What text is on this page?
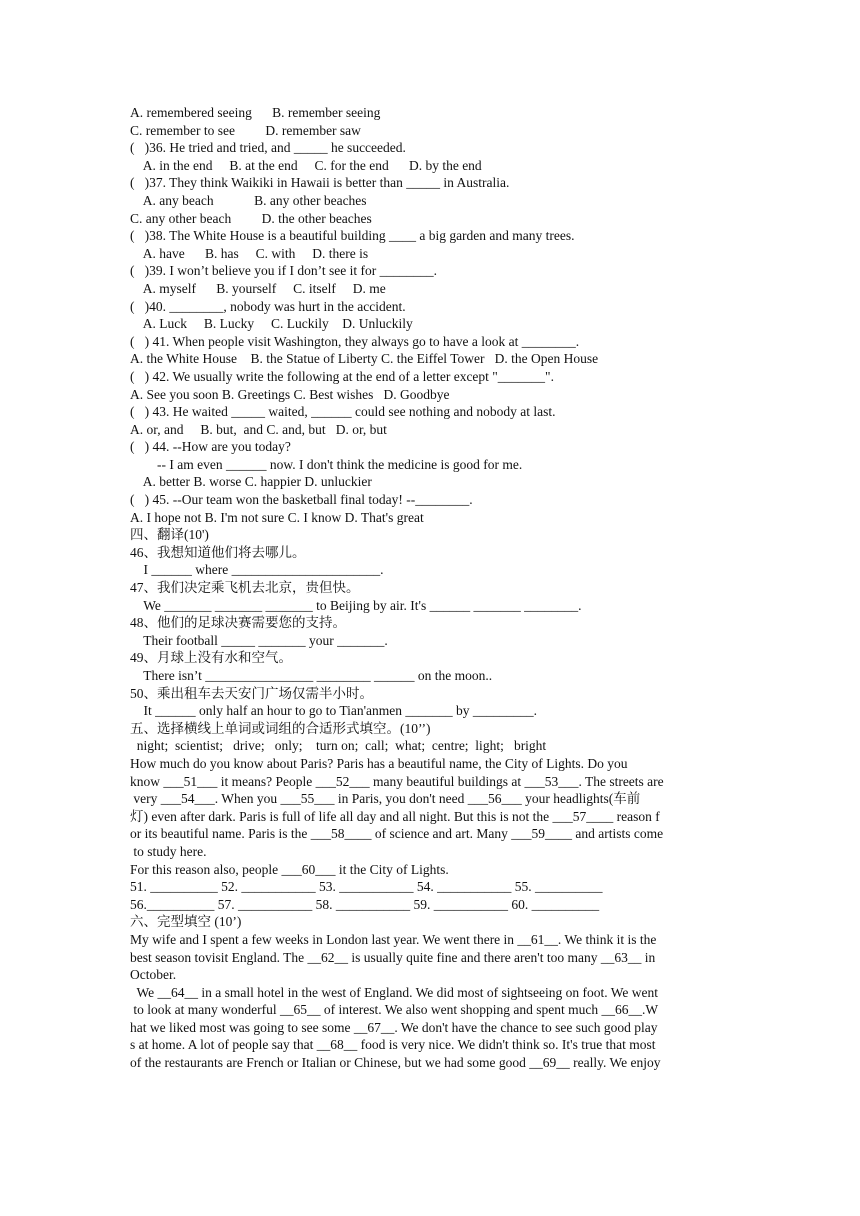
A. remembered seeing      B. remember seeing
C. remember to see         D. remember saw
(   )36. He tried and tried, and _____ he succeeded.
A. in the end     B. at the end     C. for the end      D. by the end
(   )37. They think Waikiki in Hawaii is better than _____ in Australia.
A. any beach            B. any other beaches
C. any other beach         D. the other beaches
(   )38. The White House is a beautiful building ____ a big garden and many trees.
A. have      B. has     C. with     D. there is
(   )39. I won’t believe you if I don’t see it for ________.
A. myself      B. yourself     C. itself     D. me
(   )40. ________, nobody was hurt in the accident.
A. Luck     B. Lucky     C. Luckily    D. Unluckily
(   ) 41. When people visit Washington, they always go to have a look at ________.
A. the White House    B. the Statue of Liberty C. the Eiffel Tower   D. the Open House
(   ) 42. We usually write the following at the end of a letter except "_______".
A. See you soon B. Greetings C. Best wishes   D. Goodbye
(   ) 43. He waited _____ waited, ______ could see nothing and nobody at last.
A. or, and     B. but,  and C. and, but   D. or, but
(   ) 44. --How are you today?
-- I am even ______ now. I don't think the medicine is good for me.
A. better B. worse C. happier D. unluckier
(   ) 45. --Our team won the basketball final today! --________.
A. I hope not B. I'm not sure C. I know D. That's great
四、翻译(10')
46、我想知道他们将去哪儿。
I ______ where ______________________.
47、我们决定乘飞机去北京，贵但快。
We _______ _______ _______ to Beijing by air. It's ______ _______ ________.
48、他们的足球决赛需要您的支持。
Their football _____ _______ your _______.
49、月球上没有水和空气。
There isn’t ________________ ________ ______ on the moon..
50、乘出租车去天安门广场仅需半小时。
It ______ only half an hour to go to Tian'anmen _______ by _________.
五、选择横线上单词或词组的合适形式填空。(10’’)
night;  scientist;   drive;   only;    turn on;  call;  what;  centre;  light;   bright
How much do you know about Paris? Paris has a beautiful name, the City of Lights. Do you
know ___51___ it means? People ___52___ many beautiful buildings at ___53___. The streets are
very ___54___. When you ___55___ in Paris, you don't need ___56___ your headlights(车前
灯) even after dark. Paris is full of life all day and all night. But this is not the ___57____ reason f
or its beautiful name. Paris is the ___58____ of science and art. Many ___59____ and artists come
to study here.
For this reason also, people ___60___ it the City of Lights.
51. __________ 52. ___________ 53. ___________ 54. ___________ 55. __________
56.__________ 57. ___________ 58. ___________ 59. ___________ 60. __________
六、完型填空 (10’)
My wife and I spent a few weeks in London last year. We went there in __61__. We think it is the
best season tovisit England. The __62__ is usually quite fine and there aren't too many __63__ in
October.
We __64__ in a small hotel in the west of England. We did most of sightseeing on foot. We went
to look at many wonderful __65__ of interest. We also went shopping and spent much __66__.W
hat we liked most was going to see some __67__. We don't have the chance to see such good play
s at home. A lot of people say that __68__ food is very nice. We didn't think so. It's true that most
of the restaurants are French or Italian or Chinese, but we had some good __69__ really. We enjoy
